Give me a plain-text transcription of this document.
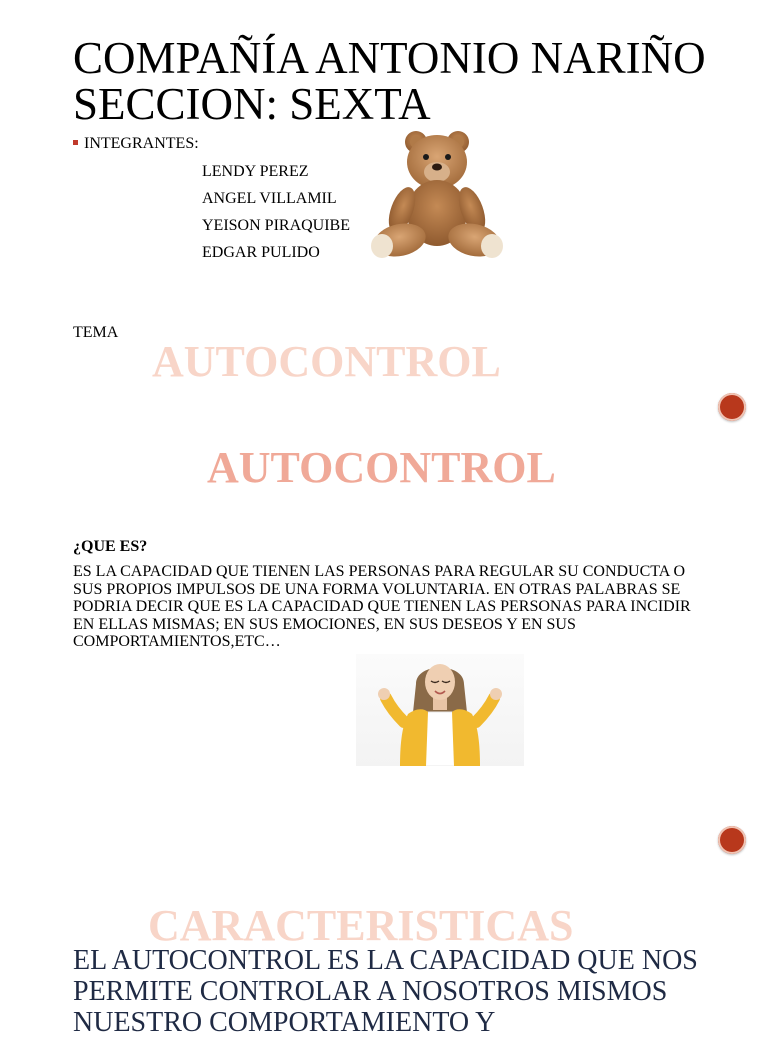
COMPAÑÍA ANTONIO NARIÑO
SECCION: SEXTA
INTEGRANTES:
LENDY PEREZ
ANGEL VILLAMIL
YEISON PIRAQUIBE
EDGAR PULIDO
TEMA
AUTOCONTROL
AUTOCONTROL
¿QUE ES?
ES LA CAPACIDAD QUE TIENEN LAS PERSONAS PARA REGULAR SU CONDUCTA O SUS PROPIOS IMPULSOS DE UNA FORMA VOLUNTARIA. EN OTRAS PALABRAS SE PODRIA DECIR QUE ES LA CAPACIDAD QUE TIENEN LAS PERSONAS PARA INCIDIR EN ELLAS MISMAS; EN SUS EMOCIONES, EN SUS DESEOS Y EN SUS COMPORTAMIENTOS,ETC…
CARACTERISTICAS
EL AUTOCONTROL ES LA CAPACIDAD QUE NOS PERMITE CONTROLAR A NOSOTROS MISMOS NUESTRO COMPORTAMIENTO Y
